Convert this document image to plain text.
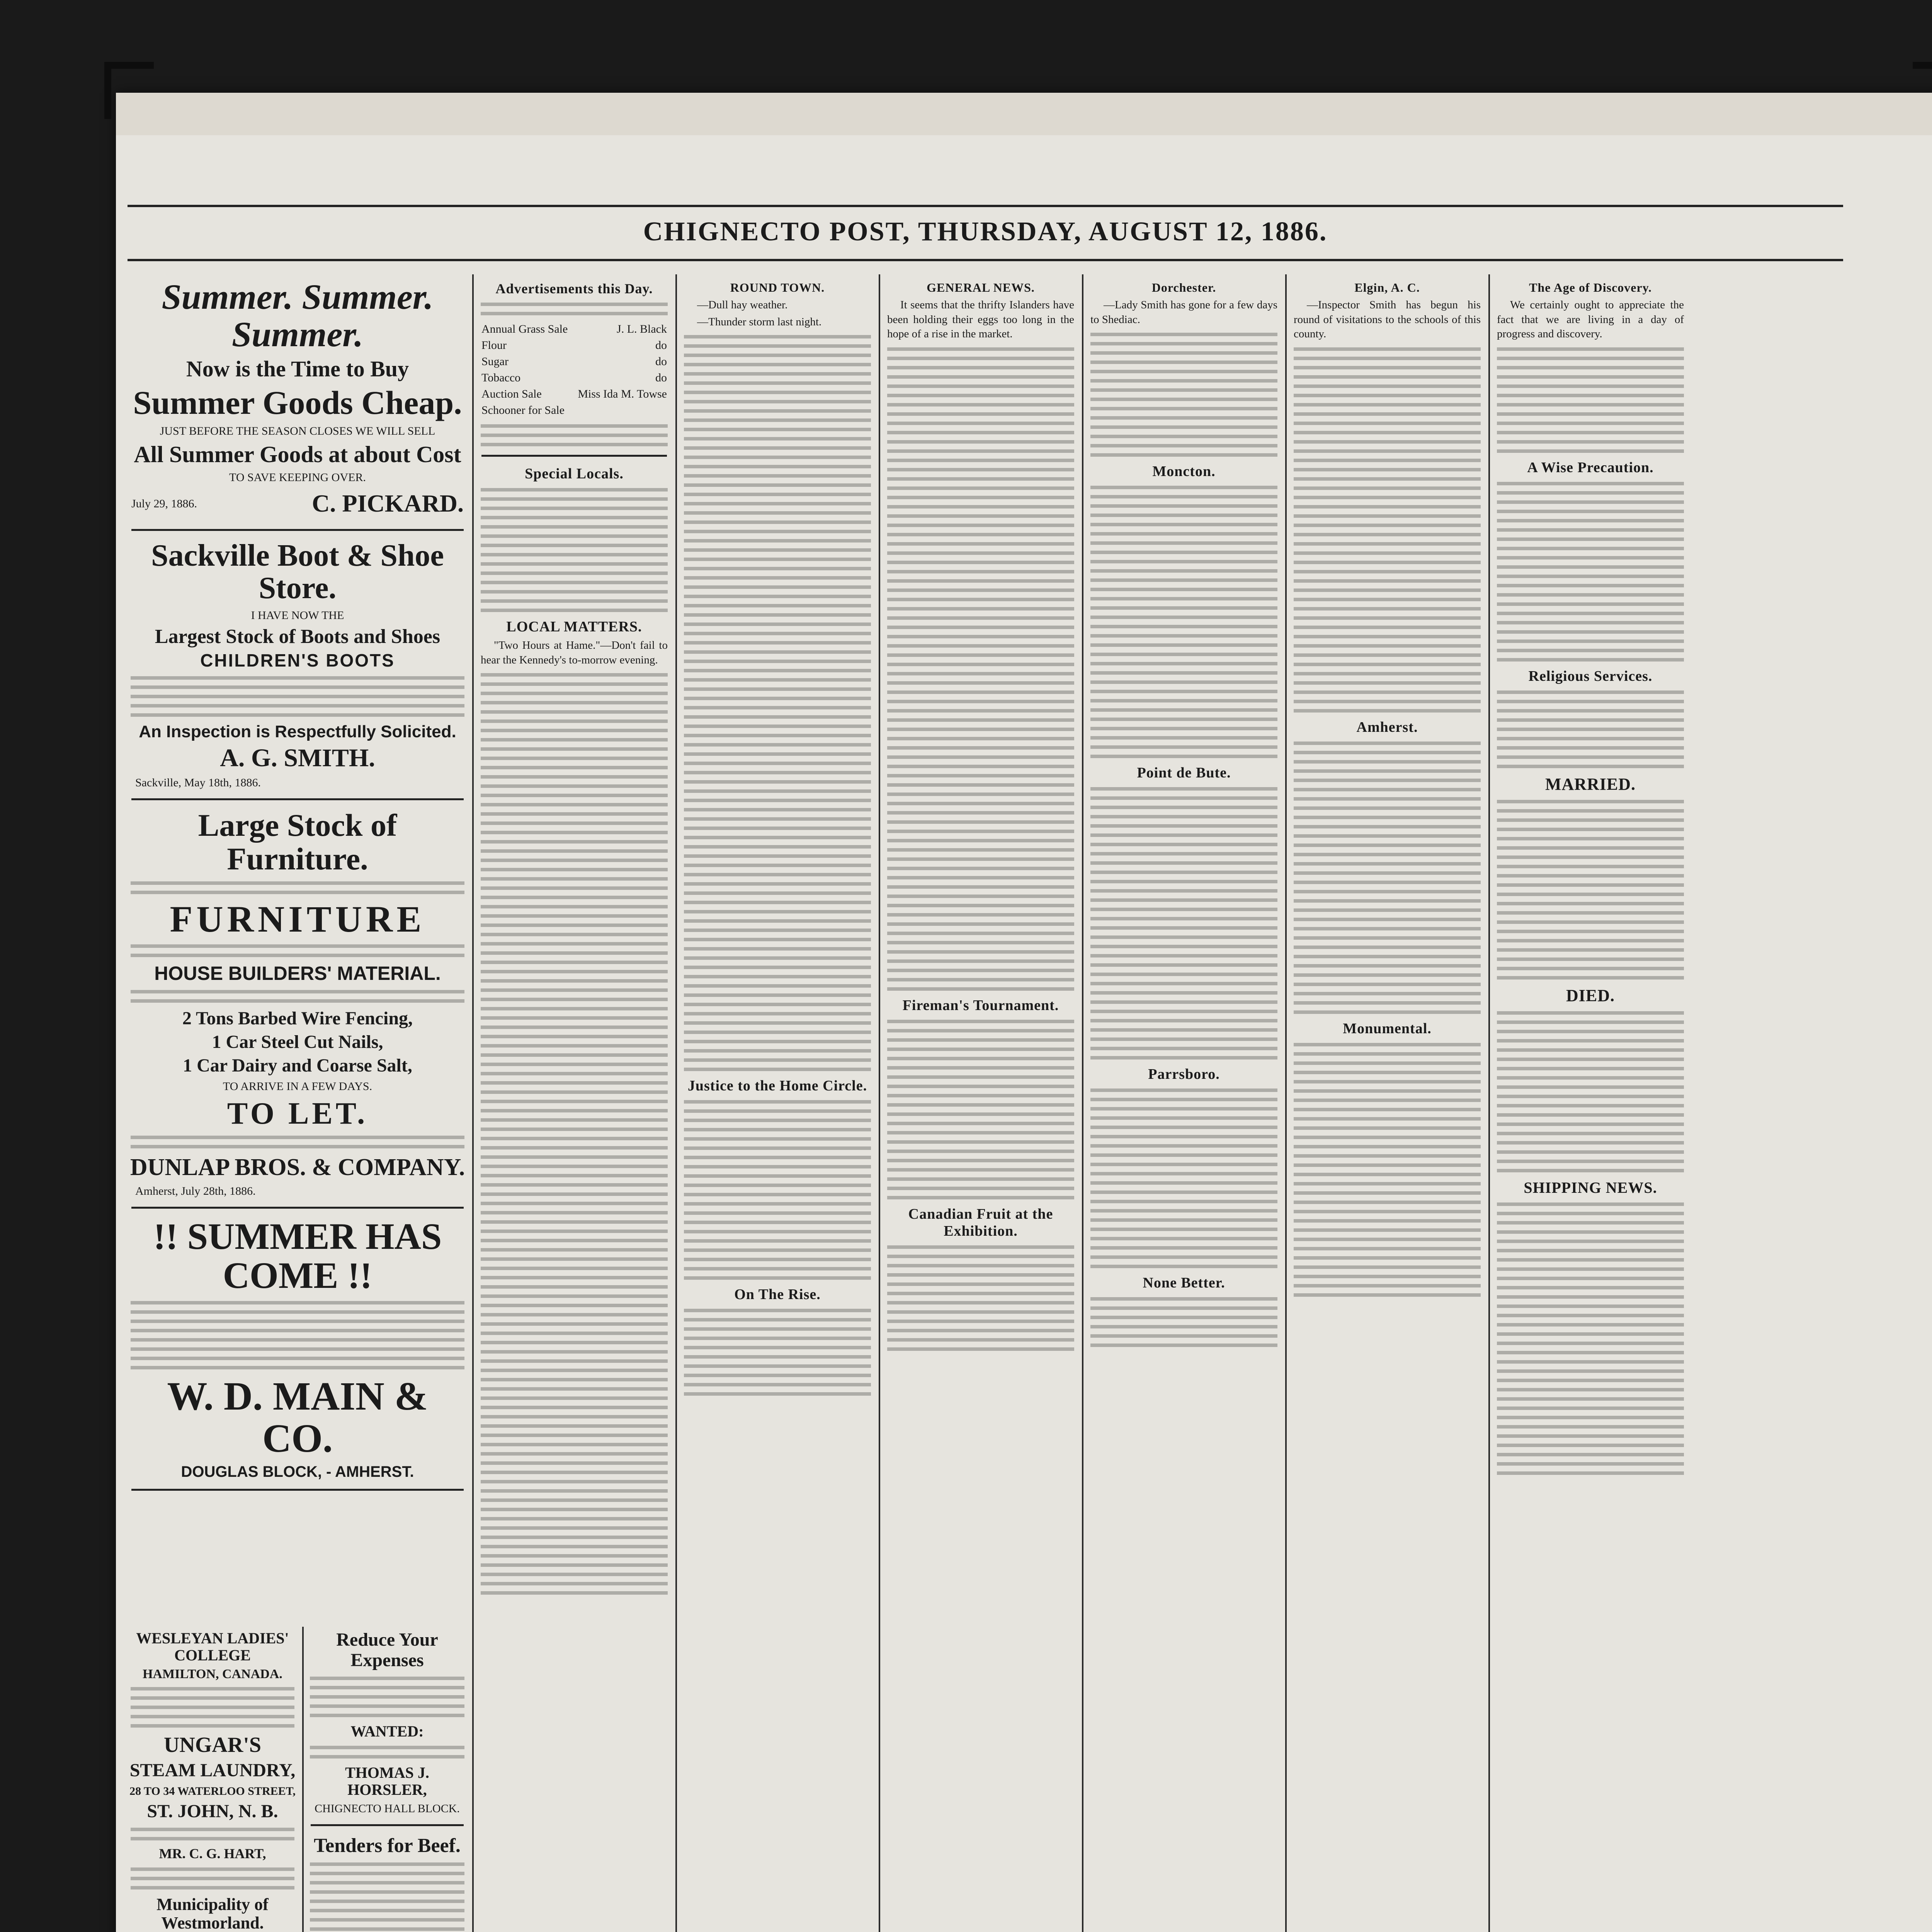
CHIGNECTO POST, THURSDAY, AUGUST 12, 1886.
Summer. Summer. Summer.
Now is the Time to Buy
Summer Goods Cheap.
JUST BEFORE THE SEASON CLOSES WE WILL SELL
All Summer Goods at about Cost
TO SAVE KEEPING OVER.
July 29, 1886.	C. PICKARD.
Sackville Boot & Shoe Store.
I HAVE NOW THE
Largest Stock of Boots and Shoes
CHILDREN'S BOOTS
An Inspection is Respectfully Solicited.
A. G. SMITH.
Sackville, May 18th, 1886.
Large Stock of Furniture.
FURNITURE
HOUSE BUILDERS' MATERIAL.
2 Tons Barbed Wire Fencing,
1 Car Steel Cut Nails,
1 Car Dairy and Coarse Salt,
TO ARRIVE IN A FEW DAYS.
TO LET.
DUNLAP BROS. & COMPANY.
Amherst, July 28th, 1886.
!! SUMMER HAS COME !!
W. D. MAIN & CO.
DOUGLAS BLOCK, - AMHERST.
WESLEYAN LADIES' COLLEGE
HAMILTON, CANADA.
UNGAR'S
STEAM LAUNDRY,
28 TO 34 WATERLOO STREET,
ST. JOHN, N. B.
MR. C. G. HART,
Municipality of Westmorland.
Reduce Your Expenses
WANTED:
THOMAS J. HORSLER,
CHIGNECTO HALL BLOCK.
Tenders for Beef.
Advertisements this Day.
Annual Grass Sale	J. L. Black
Flour	do
Sugar	do
Tobacco	do
Auction Sale	Miss Ida M. Towse
Schooner for Sale
Special Locals.
LOCAL MATTERS.
"Two Hours at Hame."—Don't fail to hear the Kennedy's to-morrow evening.
ROUND TOWN.
—Dull hay weather.
—Thunder storm last night.
Justice to the Home Circle.
On The Rise.
GENERAL NEWS.
It seems that the thrifty Islanders have been holding their eggs too long in the hope of a rise in the market.
Fireman's Tournament.
Canadian Fruit at the Exhibition.
Dorchester.
—Lady Smith has gone for a few days to Shediac.
Moncton.
Point de Bute.
Parrsboro.
None Better.
Elgin, A. C.
—Inspector Smith has begun his round of visitations to the schools of this county.
Amherst.
Monumental.
The Age of Discovery.
We certainly ought to appreciate the fact that we are living in a day of progress and discovery.
A Wise Precaution.
Religious Services.
MARRIED.
DIED.
SHIPPING NEWS.
